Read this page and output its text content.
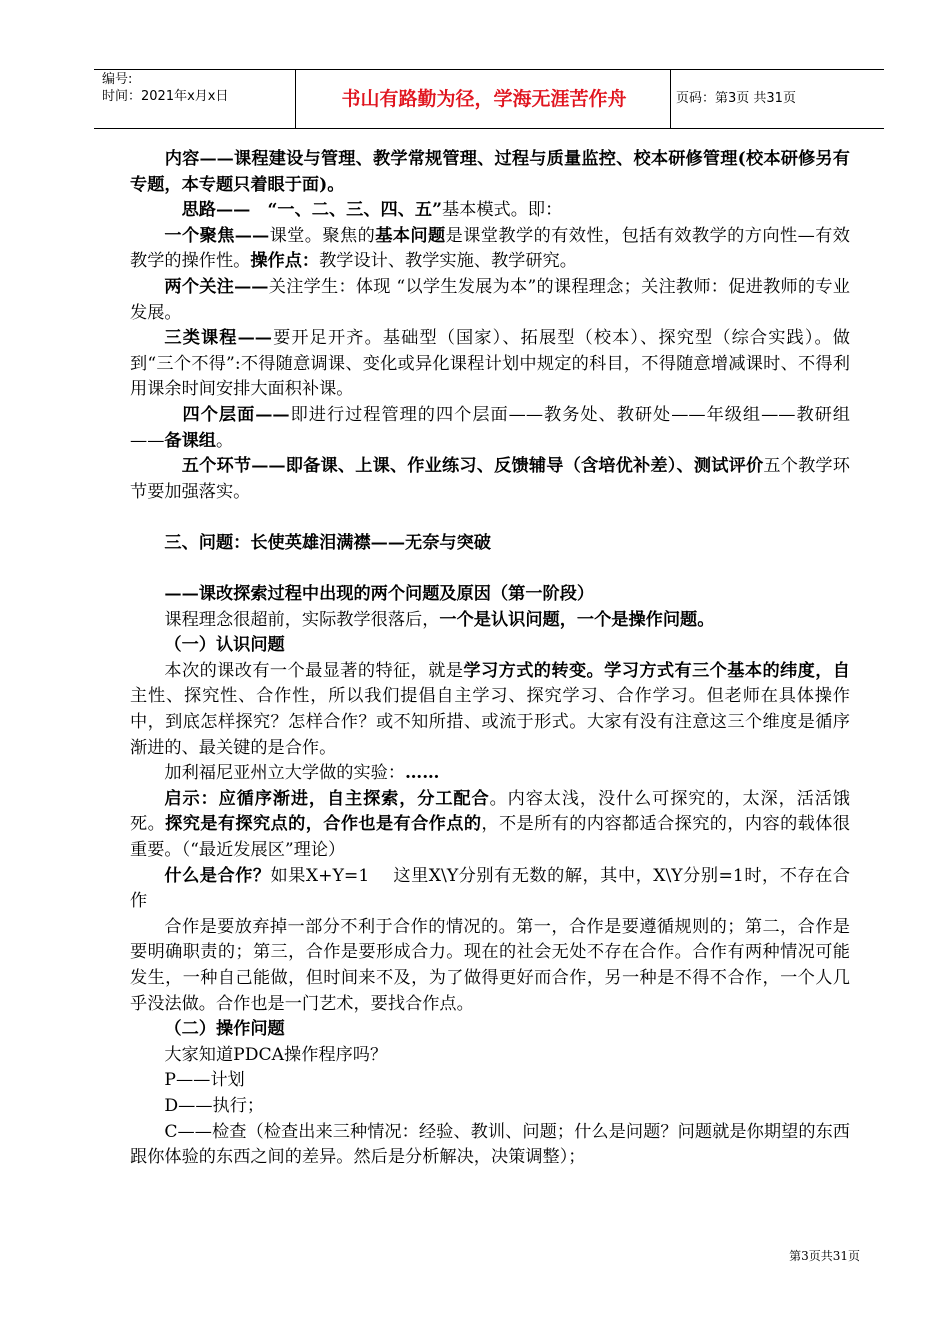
编号:
时间：2021年x月x日	书山有路勤为径，学海无涯苦作舟	页码：第3页 共31页

　　内容——课程建设与管理、教学常规管理、过程与质量监控、校本研修管理(校本研修另有专题，本专题只着眼于面)。

　思路——　“一、二、三、四、五”基本模式。即：

一个聚焦——课堂。聚焦的基本问题是课堂教学的有效性，包括有效教学的方向性—有效教学的操作性。操作点：教学设计、教学实施、教学研究。

两个关注——关注学生：体现 “以学生发展为本”的课程理念；关注教师：促进教师的专业发展。

三类课程——要开足开齐。基础型（国家）、拓展型（校本）、探究型（综合实践）。做到“三个不得”:不得随意调课、变化或异化课程计划中规定的科目，不得随意增减课时、不得利用课余时间安排大面积补课。

　四个层面——即进行过程管理的四个层面——教务处、教研处——年级组——教研组——备课组。

　五个环节——即备课、上课、作业练习、反馈辅导（含培优补差）、测试评价五个教学环节要加强落实。

三、问题：长使英雄泪满襟——无奈与突破

——课改探索过程中出现的两个问题及原因（第一阶段）

课程理念很超前，实际教学很落后，一个是认识问题，一个是操作问题。

（一）认识问题

本次的课改有一个最显著的特征，就是学习方式的转变。学习方式有三个基本的纬度，自主性、探究性、合作性，所以我们提倡自主学习、探究学习、合作学习。但老师在具体操作中，到底怎样探究？怎样合作？或不知所措、或流于形式。大家有没有注意这三个维度是循序渐进的、最关键的是合作。

加利福尼亚州立大学做的实验：……

启示：应循序渐进，自主探索，分工配合。内容太浅，没什么可探究的，太深，活活饿死。探究是有探究点的，合作也是有合作点的，不是所有的内容都适合探究的，内容的载体很重要。（“最近发展区”理论）

什么是合作？如果X+Y=1　 这里X\Y分别有无数的解，其中，X\Y分别=1时，不存在合作

合作是要放弃掉一部分不利于合作的情况的。第一，合作是要遵循规则的；第二，合作是要明确职责的；第三，合作是要形成合力。现在的社会无处不存在合作。合作有两种情况可能发生，一种自己能做，但时间来不及，为了做得更好而合作，另一种是不得不合作，一个人几乎没法做。合作也是一门艺术，要找合作点。

（二）操作问题

大家知道PDCA操作程序吗？

P——计划

D——执行；

C——检查（检查出来三种情况：经验、教训、问题；什么是问题？问题就是你期望的东西跟你体验的东西之间的差异。然后是分析解决，决策调整）；

第3页共31页
